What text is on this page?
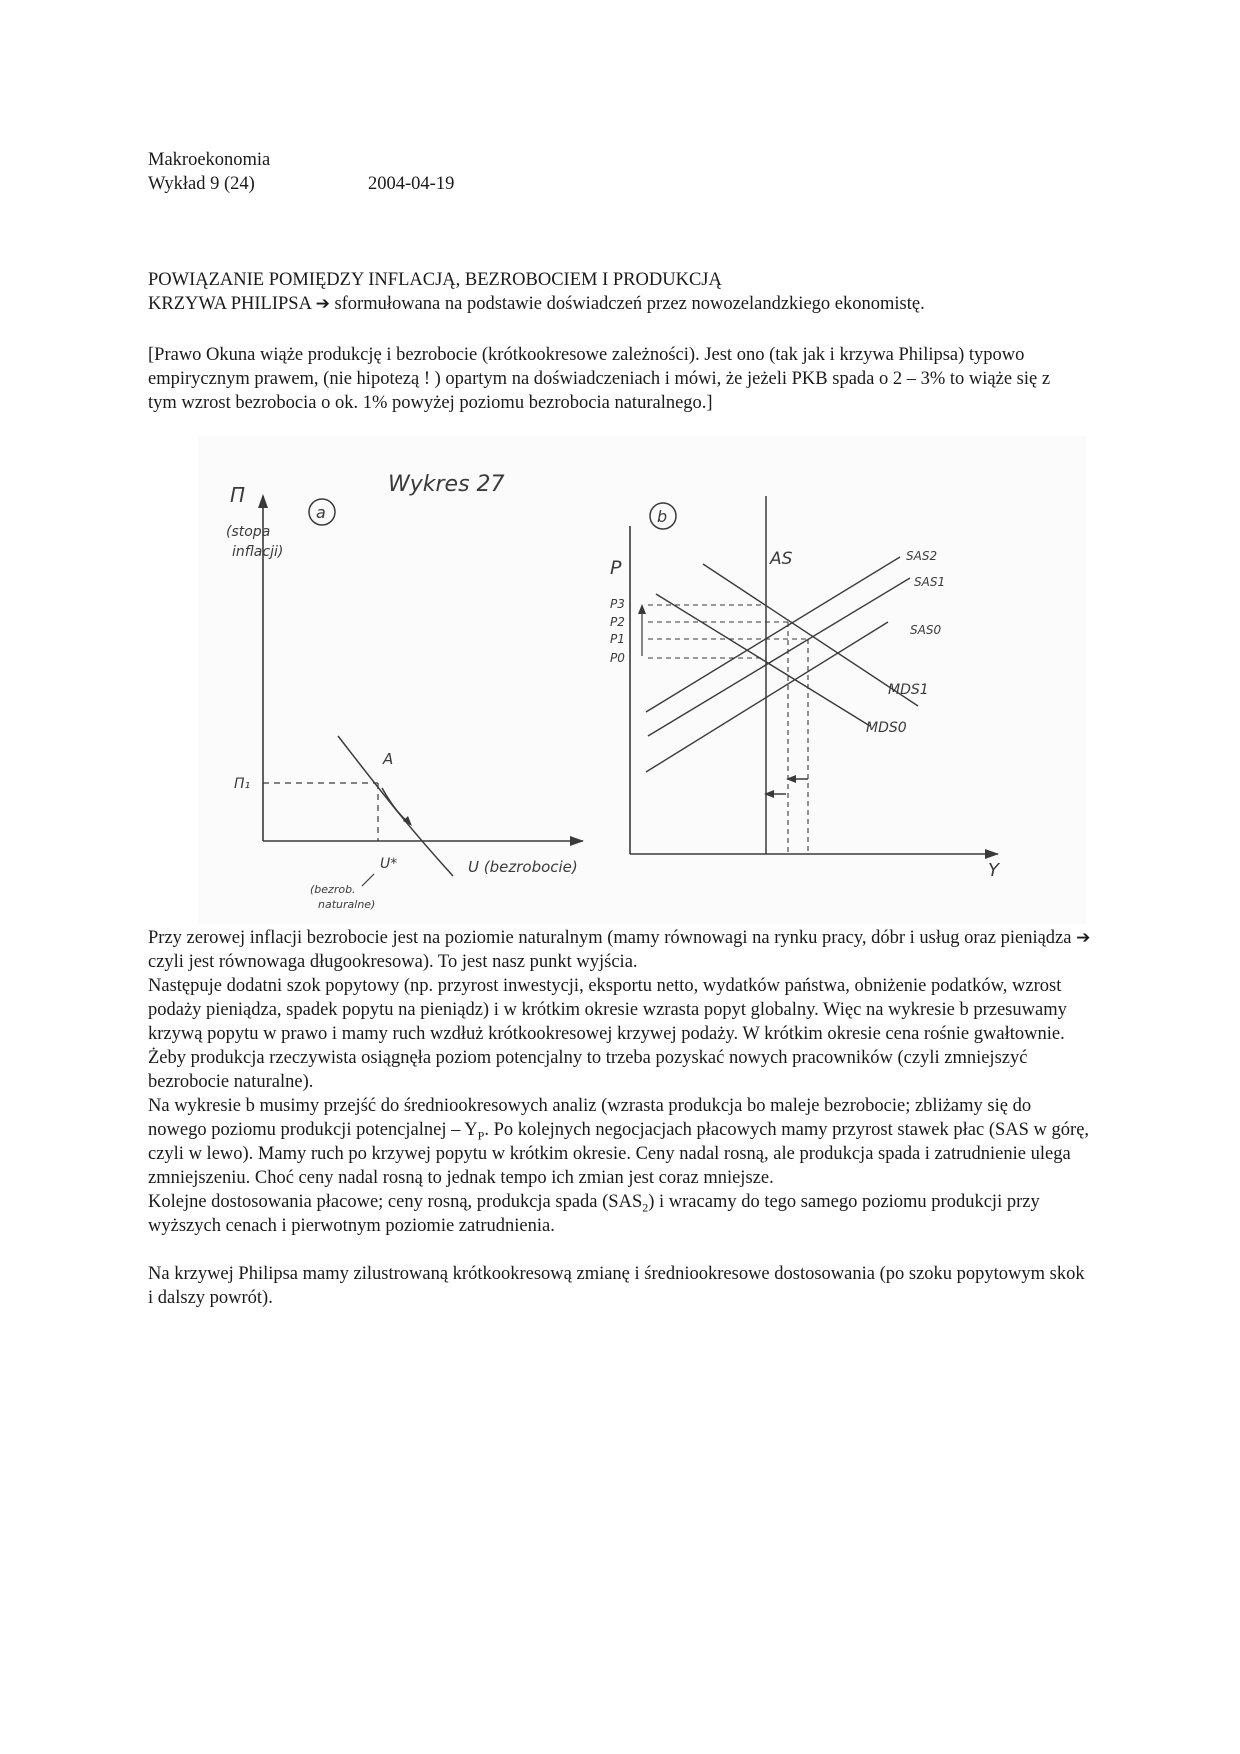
Makroekonomia
Wykład 9 (24)	2004-04-19
POWIĄZANIE POMIĘDZY INFLACJĄ, BEZROBOCIEM I PRODUKCJĄ
KRZYWA PHILIPSA ➔ sformułowana na podstawie doświadczeń przez nowozelandzkiego ekonomistę.
[Prawo Okuna wiąże produkcję i bezrobocie (krótkookresowe zależności). Jest ono (tak jak i krzywa Philipsa) typowo empirycznym prawem, (nie hipotezą ! ) opartym na doświadczeniach i mówi, że jeżeli PKB spada o 2 – 3% to wiąże się z tym wzrost bezrobocia o ok. 1% powyżej poziomu bezrobocia naturalnego.]
Wykres 27
a
Π
(stopa
inflacji)
Π₁
A
U*
(bezrob.
naturalne)
U (bezrobocie)
b
P
Y
AS	SAS2
SAS1
SAS0
MDS1
MDS0
P3
P2
P1
P0

Przy zerowej inflacji bezrobocie jest na poziomie naturalnym (mamy równowagi na rynku pracy, dóbr i usług oraz pieniądza ➔ czyli jest równowaga długookresowa). To jest nasz punkt wyjścia.

Następuje dodatni szok popytowy (np. przyrost inwestycji, eksportu netto, wydatków państwa, obniżenie podatków, wzrost podaży pieniądza, spadek popytu na pieniądz) i w krótkim okresie wzrasta popyt globalny. Więc na wykresie b przesuwamy krzywą popytu w prawo i mamy ruch wzdłuż krótkookresowej krzywej podaży. W krótkim okresie cena rośnie gwałtownie.

Żeby produkcja rzeczywista osiągnęła poziom potencjalny to trzeba pozyskać nowych pracowników (czyli zmniejszyć bezrobocie naturalne).

Na wykresie b musimy przejść do średniookresowych analiz (wzrasta produkcja bo maleje bezrobocie; zbliżamy się do nowego poziomu produkcji potencjalnej – $Y_P$. Po kolejnych negocjacjach płacowych mamy przyrost stawek płac (SAS w górę, czyli w lewo). Mamy ruch po krzywej popytu w krótkim okresie. Ceny nadal rosną, ale produkcja spada i zatrudnienie ulega zmniejszeniu. Choć ceny nadal rosną to jednak tempo ich zmian jest coraz mniejsze.

Kolejne dostosowania płacowe; ceny rosną, produkcja spada $(SAS_2)$ i wracamy do tego samego poziomu produkcji przy wyższych cenach i pierwotnym poziomie zatrudnienia.

Na krzywej Philipsa mamy zilustrowaną krótkookresową zmianę i średniookresowe dostosowania (po szoku popytowym skok i dalszy powrót).
